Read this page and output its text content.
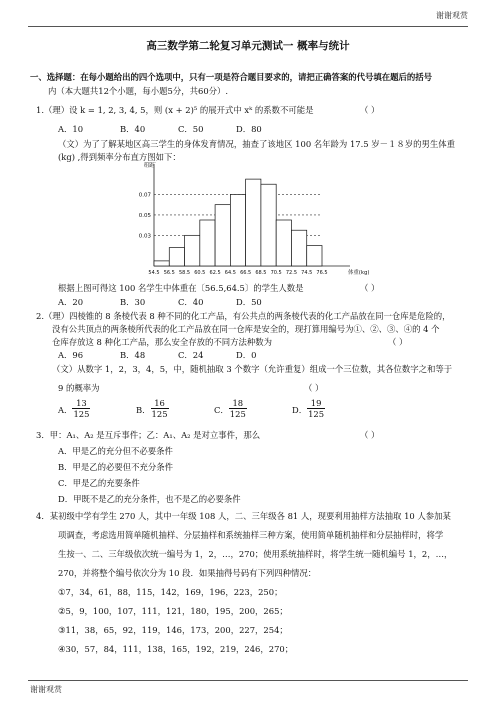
谢谢观赏
高三数学第二轮复习单元测试一 概率与统计
一、选择题：在每小题给出的四个选项中，只有一项是符合题目要求的，请把正确答案的代号填在题后的括号
内（本大题共12个小题，每小题5分，共60分）.
1.（理）设 k = 1, 2, 3, 4, 5，则 (x + 2)⁵ 的展开式中 xᵏ 的系数不可能是	（ ）
A．10	B．40	C．50	D．80
（文）为了了解某地区高三学生的身体发育情况，抽查了该地区 100 名年龄为 17.5 岁－１８岁的男生体重
(kg) ,得到频率分布直方图如下：
0.07
0.05
0.03
54.5 56.5 58.5 60.5 62.5 64.5 66.5 68.5 70.5 72.5 74.5 76.5
组距
体重(kg)
根据上图可得这 100 名学生中体重在〔56.5,64.5〕的学生人数是	（ ）
A．20	B．30	C．40	D．50
2.（理）四棱锥的 8 条棱代表 8 种不同的化工产品，有公共点的两条棱代表的化工产品放在同一仓库是危险的，
没有公共顶点的两条棱所代表的化工产品放在同一仓库是安全的，现打算用编号为①、②、③、④的 4 个
仓库存放这 8 种化工产品，那么安全存放的不同方法种数为	（ ）
A．96	B．48	C．24	D．0
（文）从数字 1，2，3，4，5，中，随机抽取 3 个数字（允许重复）组成一个三位数，其各位数字之和等于
9 的概率为	（ ）
A． $\frac{13}{125}$	B． $\frac{16}{125}$	C． $\frac{18}{125}$	D． $\frac{19}{125}$
3．甲：A₁、A₂ 是互斥事件；乙：A₁、A₂ 是对立事件，那么	（ ）
A．甲是乙的充分但不必要条件
B．甲是乙的必要但不充分条件
C．甲是乙的充要条件
D．甲既不是乙的充分条件，也不是乙的必要条件
4．某初级中学有学生 270 人，其中一年级 108 人，二、三年级各 81 人，现要利用抽样方法抽取 10 人参加某
项调查，考虑选用简单随机抽样、分层抽样和系统抽样三种方案，使用简单随机抽样和分层抽样时，将学
生按一、二、三年级依次统一编号为 1，2，…，270；使用系统抽样时，将学生统一随机编号 1，2，…，
270，并将整个编号依次分为 10 段．如果抽得号码有下列四种情况：
①7，34，61，88，115，142，169，196，223，250；
②5，9，100，107，111，121，180，195，200，265；
③11，38，65，92，119，146，173，200，227，254；
④30，57，84，111，138，165，192，219，246，270；
谢谢观赏
